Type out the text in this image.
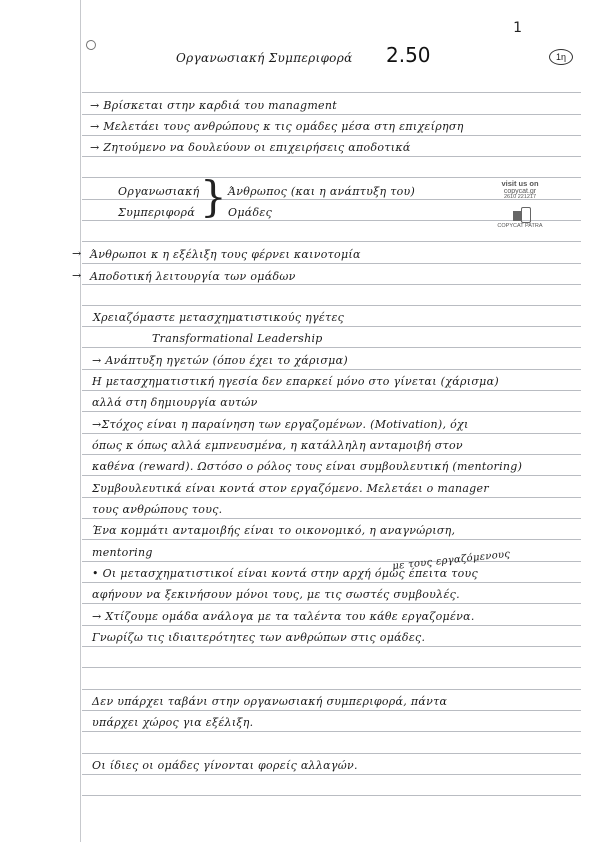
1
2.50	1η
Οργανωσιακή Συμπεριφορά
→ Βρίσκεται στην καρδιά του managment
→ Μελετάει τους ανθρώπους κ τις ομάδες μέσα στη επιχείρηση
→ Ζητούμενο να δουλεύουν οι επιχειρήσεις αποδοτικά
Οργανωσιακή
Συμπεριφορά } Άνθρωπος (και η ανάπτυξη του)
Ομάδες
visit us on
copycat.gr
2610 221217
COPYCAT PATRA
→ Άνθρωποι κ η εξέλιξη τους φέρνει καινοτομία
→ Αποδοτική λειτουργία των ομάδων
Χρειαζόμαστε μετασχηματιστικούς ηγέτες
Transformational Leadership
→ Ανάπτυξη ηγετών (όπου έχει το χάρισμα)
Η μετασχηματιστική ηγεσία δεν επαρκεί μόνο στο γίνεται (χάρισμα)
αλλά στη δημιουργία αυτών
→Στόχος είναι η παραίνηση των εργαζομένων. (Motivation), όχι
όπως κ όπως αλλά εμπνευσμένα, η κατάλληλη ανταμοιβή στον
καθένα (reward). Ωστόσο ο ρόλος τους είναι συμβουλευτική (mentoring)
Συμβουλευτικά είναι κοντά στον εργαζόμενο. Μελετάει ο manager
τους ανθρώπους τους.
Ένα κομμάτι ανταμοιβής είναι το οικονομικό, η αναγνώριση,
mentoring	με τους εργαζόμενους
• Οι μετασχηματιστικοί είναι κοντά στην αρχή όμως έπειτα τους
αφήνουν να ξεκινήσουν μόνοι τους, με τις σωστές συμβουλές.
→ Χτίζουμε ομάδα ανάλογα με τα ταλέντα του κάθε εργαζομένα.
Γνωρίζω τις ιδιαιτερότητες των ανθρώπων στις ομάδες.
Δεν υπάρχει ταβάνι στην οργανωσιακή συμπεριφορά, πάντα
υπάρχει χώρος για εξέλιξη.
Οι ίδιες οι ομάδες γίνονται φορείς αλλαγών.
